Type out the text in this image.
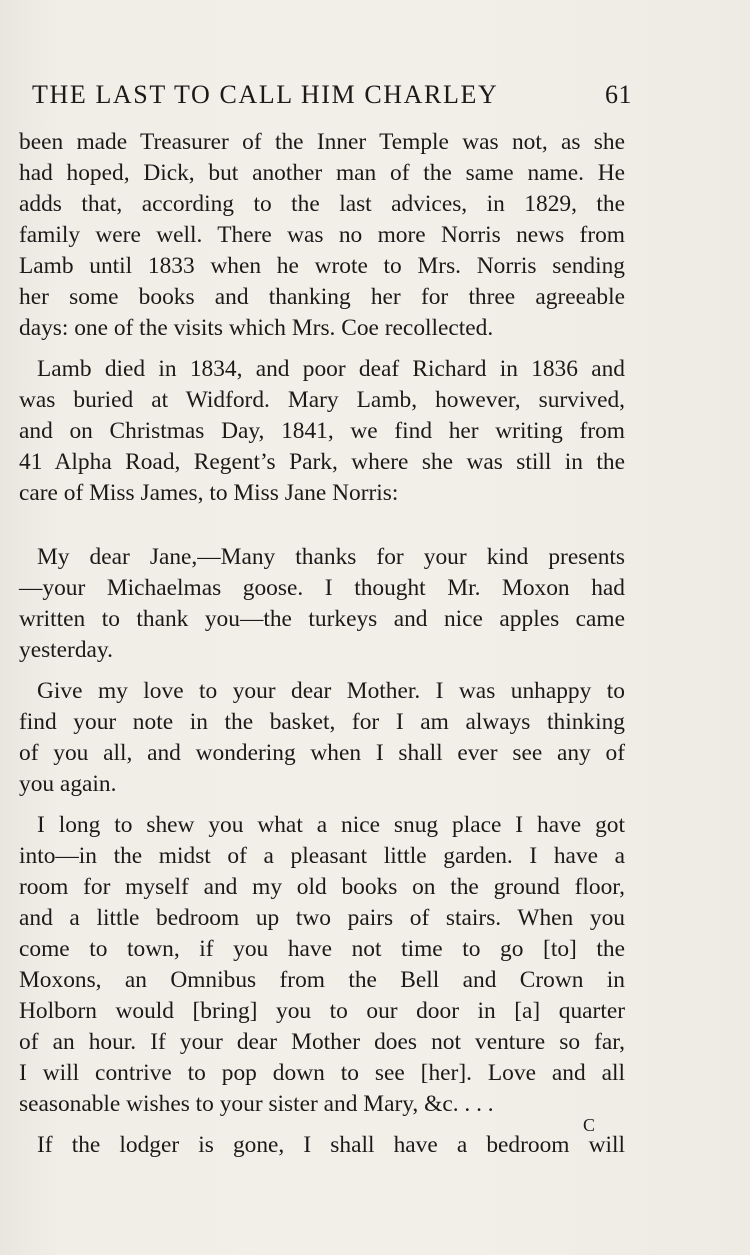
THE LAST TO CALL HIM CHARLEY	61
been made Treasurer of the Inner Temple was not, as she
had hoped, Dick, but another man of the same name. He
adds that, according to the last advices, in 1829, the
family were well. There was no more Norris news from
Lamb until 1833 when he wrote to Mrs. Norris sending
her some books and thanking her for three agreeable
days: one of the visits which Mrs. Coe recollected.
Lamb died in 1834, and poor deaf Richard in 1836 and
was buried at Widford. Mary Lamb, however, survived,
and on Christmas Day, 1841, we find her writing from
41 Alpha Road, Regent’s Park, where she was still in the
care of Miss James, to Miss Jane Norris:
My dear Jane,—Many thanks for your kind presents
—your Michaelmas goose. I thought Mr. Moxon had
written to thank you—the turkeys and nice apples came
yesterday.
Give my love to your dear Mother. I was unhappy to
find your note in the basket, for I am always thinking
of you all, and wondering when I shall ever see any of
you again.
I long to shew you what a nice snug place I have got
into—in the midst of a pleasant little garden. I have a
room for myself and my old books on the ground floor,
and a little bedroom up two pairs of stairs. When you
come to town, if you have not time to go [to] the
Moxons, an Omnibus from the Bell and Crown in
Holborn would [bring] you to our door in [a] quarter
of an hour. If your dear Mother does not venture so far,
I will contrive to pop down to see [her]. Love and all
seasonable wishes to your sister and Mary, &c. . . .
If the lodger is gone, I shall have a bedroom will
C
